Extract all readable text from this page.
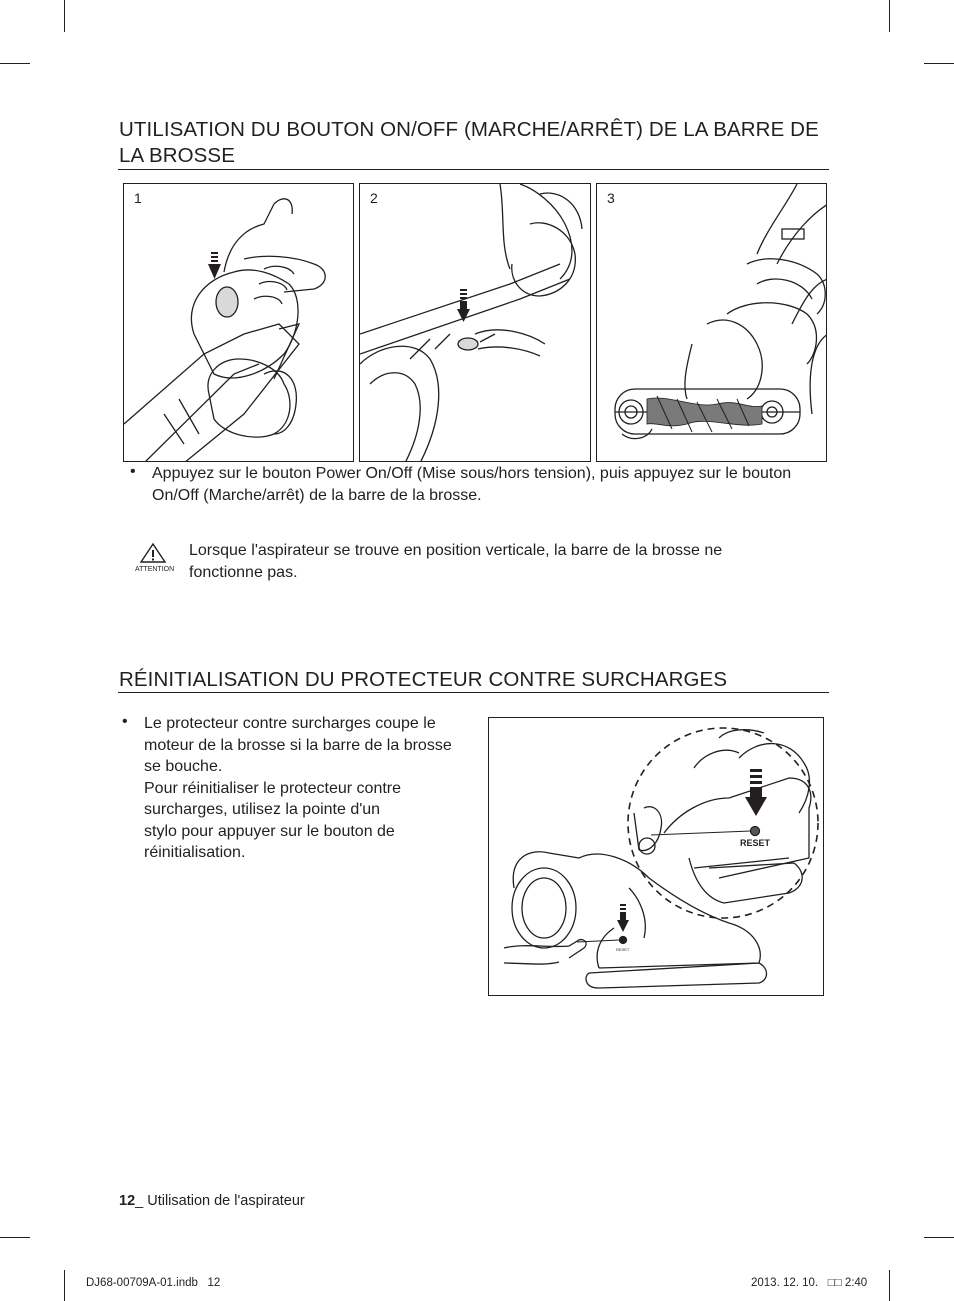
UTILISATION DU BOUTON ON/OFF (MARCHE/ARRÊT) DE LA BARRE DE LA BROSSE
1	2	3
• Appuyez sur le bouton Power On/Off (Mise sous/hors tension), puis appuyez sur le bouton On/Off (Marche/arrêt) de la barre de la brosse.
ATTENTION
Lorsque l'aspirateur se trouve en position verticale, la barre de la brosse ne fonctionne pas.
RÉINITIALISATION DU PROTECTEUR CONTRE SURCHARGES
• Le protecteur contre surcharges coupe le
moteur de la brosse si la barre de la brosse
se bouche.
Pour réinitialiser le protecteur contre
surcharges, utilisez la pointe d'un
stylo pour appuyer sur le bouton de
réinitialisation.
RESET
RESET
12_ Utilisation de l'aspirateur
DJ68-00709A-01.indb   12	2013. 12. 10.   □□ 2:40
